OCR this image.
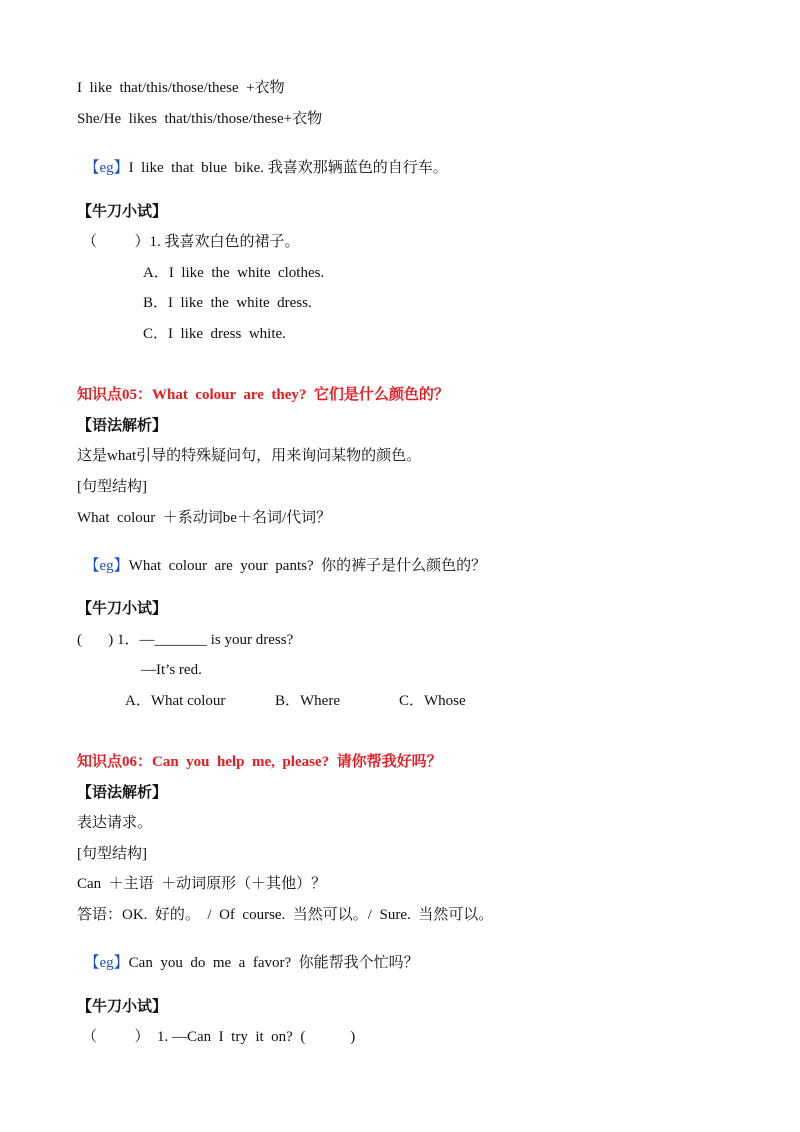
I  like  that/this/those/these  +衣物
She/He  likes  that/this/those/these+衣物

【eg】I  like  that  blue  bike. 我喜欢那辆蓝色的自行车。

【牛刀小试】
（          ）1. 我喜欢白色的裙子。
A．I  like  the  white  clothes.
B．I  like  the  white  dress.
C．I  like  dress  white.
知识点05：What  colour  are  they?  它们是什么颜色的？
【语法解析】
这是what引导的特殊疑问句，用来询问某物的颜色。
[句型结构]
What  colour  ＋系动词be＋名词/代词？

【eg】What  colour  are  your  pants?  你的裤子是什么颜色的？

【牛刀小试】
(       ) 1．—_______ is your dress?
—It’s red.
A．What colour	B．Where	C．Whose
知识点06：Can  you  help  me,  please?  请你帮我好吗？
【语法解析】
表达请求。
[句型结构]
Can  ＋主语  ＋动词原形（＋其他）？
答语：OK.  好的。  /  Of  course.  当然可以。/  Sure.  当然可以。

【eg】Can  you  do  me  a  favor?  你能帮我个忙吗？

【牛刀小试】
（          ）  1. —Can  I  try  it  on?  (            )
